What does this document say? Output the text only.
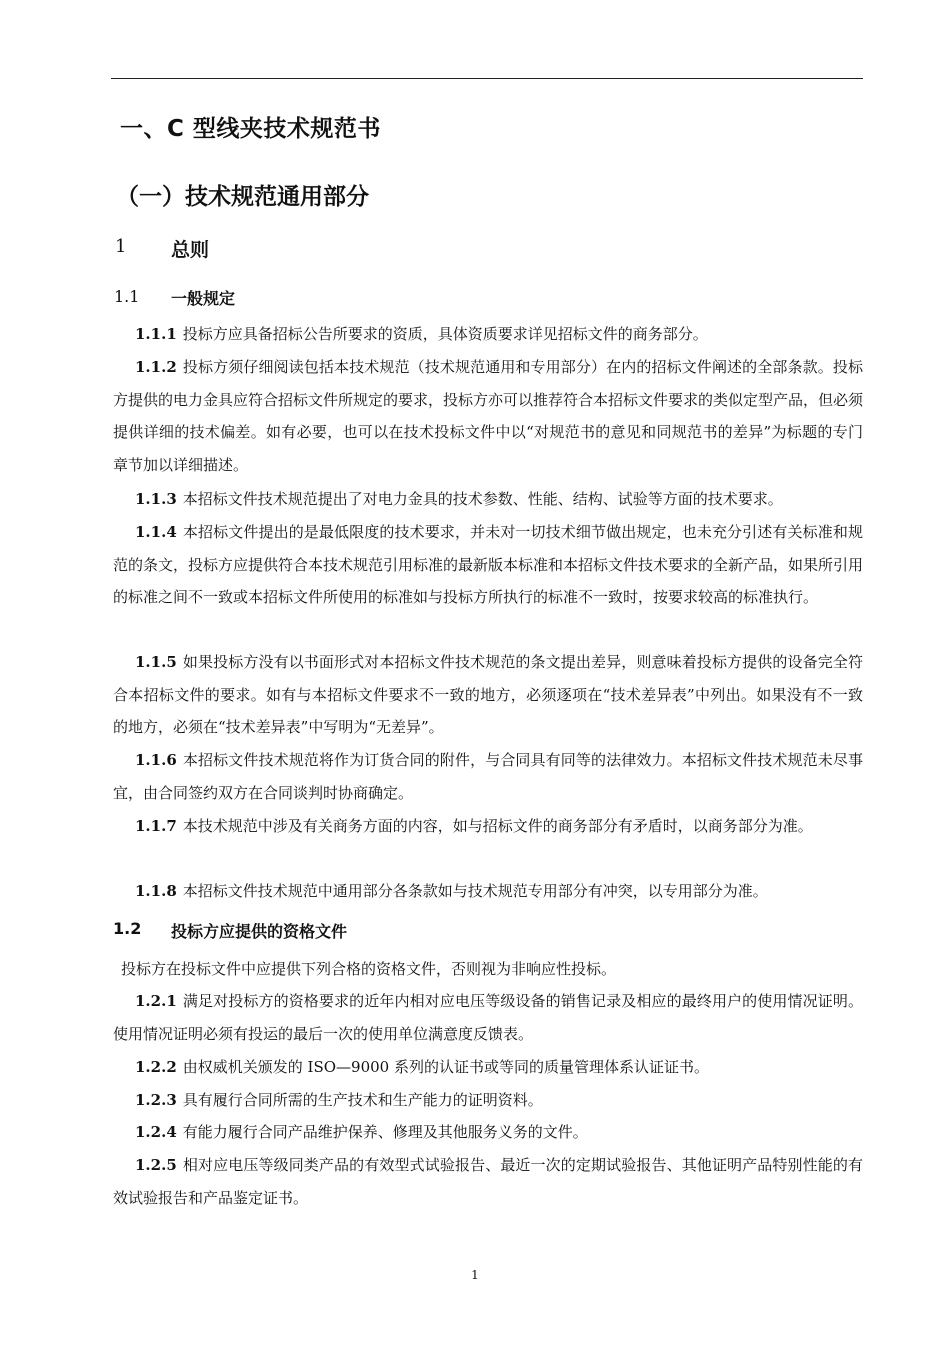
一、C 型线夹技术规范书
（一）技术规范通用部分
1 总则
1.1 一般规定
1.1.1 投标方应具备招标公告所要求的资质，具体资质要求详见招标文件的商务部分。
1.1.2 投标方须仔细阅读包括本技术规范（技术规范通用和专用部分）在内的招标文件阐述的全部条款。投标方提供的电力金具应符合招标文件所规定的要求，投标方亦可以推荐符合本招标文件要求的类似定型产品，但必须提供详细的技术偏差。如有必要，也可以在技术投标文件中以“对规范书的意见和同规范书的差异”为标题的专门章节加以详细描述。
1.1.3 本招标文件技术规范提出了对电力金具的技术参数、性能、结构、试验等方面的技术要求。
1.1.4 本招标文件提出的是最低限度的技术要求，并未对一切技术细节做出规定，也未充分引述有关标准和规范的条文，投标方应提供符合本技术规范引用标准的最新版本标准和本招标文件技术要求的全新产品，如果所引用的标准之间不一致或本招标文件所使用的标准如与投标方所执行的标准不一致时，按要求较高的标准执行。
1.1.5 如果投标方没有以书面形式对本招标文件技术规范的条文提出差异，则意味着投标方提供的设备完全符合本招标文件的要求。如有与本招标文件要求不一致的地方，必须逐项在“技术差异表”中列出。如果没有不一致的地方，必须在“技术差异表”中写明为“无差异”。
1.1.6 本招标文件技术规范将作为订货合同的附件，与合同具有同等的法律效力。本招标文件技术规范未尽事宜，由合同签约双方在合同谈判时协商确定。
1.1.7 本技术规范中涉及有关商务方面的内容，如与招标文件的商务部分有矛盾时，以商务部分为准。
1.1.8 本招标文件技术规范中通用部分各条款如与技术规范专用部分有冲突，以专用部分为准。
1.2 投标方应提供的资格文件
投标方在投标文件中应提供下列合格的资格文件，否则视为非响应性投标。
1.2.1 满足对投标方的资格要求的近年内相对应电压等级设备的销售记录及相应的最终用户的使用情况证明。使用情况证明必须有投运的最后一次的使用单位满意度反馈表。
1.2.2 由权威机关颁发的 ISO—9000 系列的认证书或等同的质量管理体系认证证书。
1.2.3 具有履行合同所需的生产技术和生产能力的证明资料。
1.2.4 有能力履行合同产品维护保养、修理及其他服务义务的文件。
1.2.5 相对应电压等级同类产品的有效型式试验报告、最近一次的定期试验报告、其他证明产品特别性能的有效试验报告和产品鉴定证书。
1
